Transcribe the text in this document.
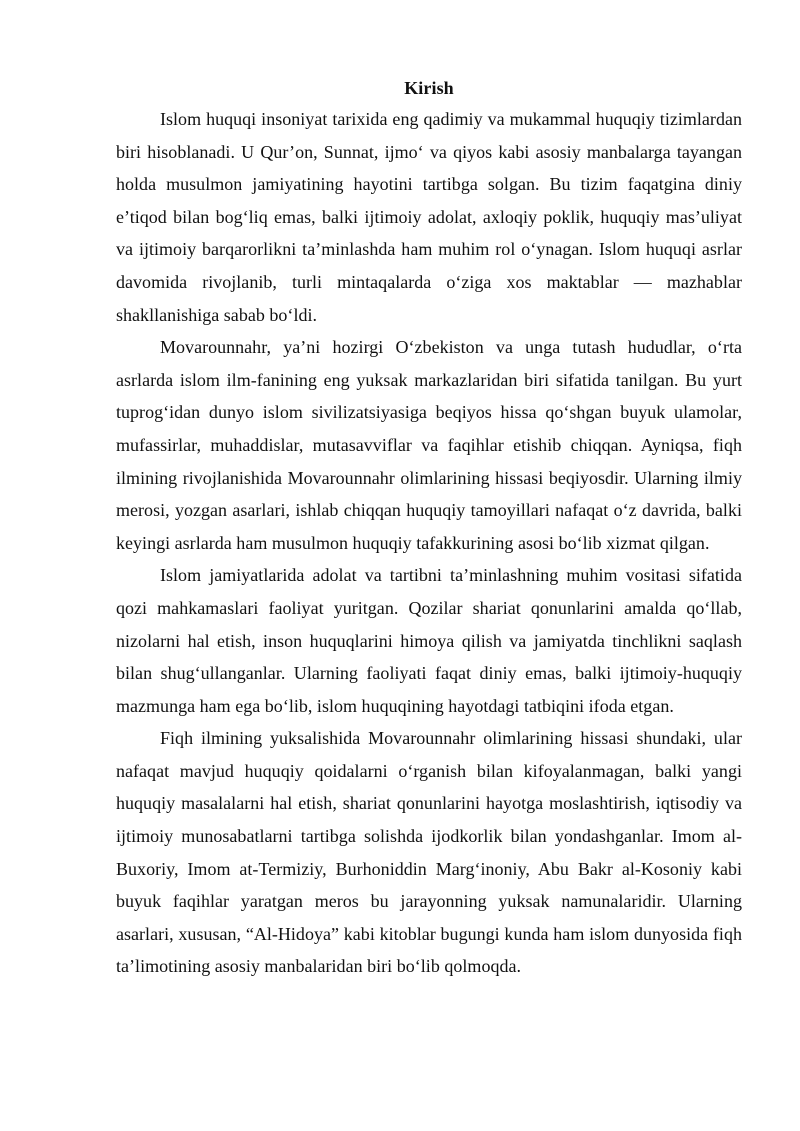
Kirish

Islom huquqi insoniyat tarixida eng qadimiy va mukammal huquqiy tizimlardan biri hisoblanadi. U Qur’on, Sunnat, ijmo‘ va qiyos kabi asosiy manbalarga tayangan holda musulmon jamiyatining hayotini tartibga solgan. Bu tizim faqatgina diniy e’tiqod bilan bog‘liq emas, balki ijtimoiy adolat, axloqiy poklik, huquqiy mas’uliyat va ijtimoiy barqarorlikni ta’minlashda ham muhim rol o‘ynagan. Islom huquqi asrlar davomida rivojlanib, turli mintaqalarda o‘ziga xos maktablar — mazhablar shakllanishiga sabab bo‘ldi.

Movarounnahr, ya’ni hozirgi O‘zbekiston va unga tutash hududlar, o‘rta asrlarda islom ilm-fanining eng yuksak markazlaridan biri sifatida tanilgan. Bu yurt tuprog‘idan dunyo islom sivilizatsiyasiga beqiyos hissa qo‘shgan buyuk ulamolar, mufassirlar, muhaddislar, mutasavviflar va faqihlar etishib chiqqan. Ayniqsa, fiqh ilmining rivojlanishida Movarounnahr olimlarining hissasi beqiyosdir. Ularning ilmiy merosi, yozgan asarlari, ishlab chiqqan huquqiy tamoyillari nafaqat o‘z davrida, balki keyingi asrlarda ham musulmon huquqiy tafakkurining asosi bo‘lib xizmat qilgan.

Islom jamiyatlarida adolat va tartibni ta’minlashning muhim vositasi sifatida qozi mahkamaslari faoliyat yuritgan. Qozilar shariat qonunlarini amalda qo‘llab, nizolarni hal etish, inson huquqlarini himoya qilish va jamiyatda tinchlikni saqlash bilan shug‘ullanganlar. Ularning faoliyati faqat diniy emas, balki ijtimoiy-huquqiy mazmunga ham ega bo‘lib, islom huquqining hayotdagi tatbiqini ifoda etgan.

Fiqh ilmining yuksalishida Movarounnahr olimlarining hissasi shundaki, ular nafaqat mavjud huquqiy qoidalarni o‘rganish bilan kifoyalanmagan, balki yangi huquqiy masalalarni hal etish, shariat qonunlarini hayotga moslashtirish, iqtisodiy va ijtimoiy munosabatlarni tartibga solishda ijodkorlik bilan yondashganlar. Imom al-Buxoriy, Imom at-Termiziy, Burhoniddin Marg‘inoniy, Abu Bakr al-Kosoniy kabi buyuk faqihlar yaratgan meros bu jarayonning yuksak namunalaridir. Ularning asarlari, xususan, “Al-Hidoya” kabi kitoblar bugungi kunda ham islom dunyosida fiqh ta’limotining asosiy manbalaridan biri bo‘lib qolmoqda.
